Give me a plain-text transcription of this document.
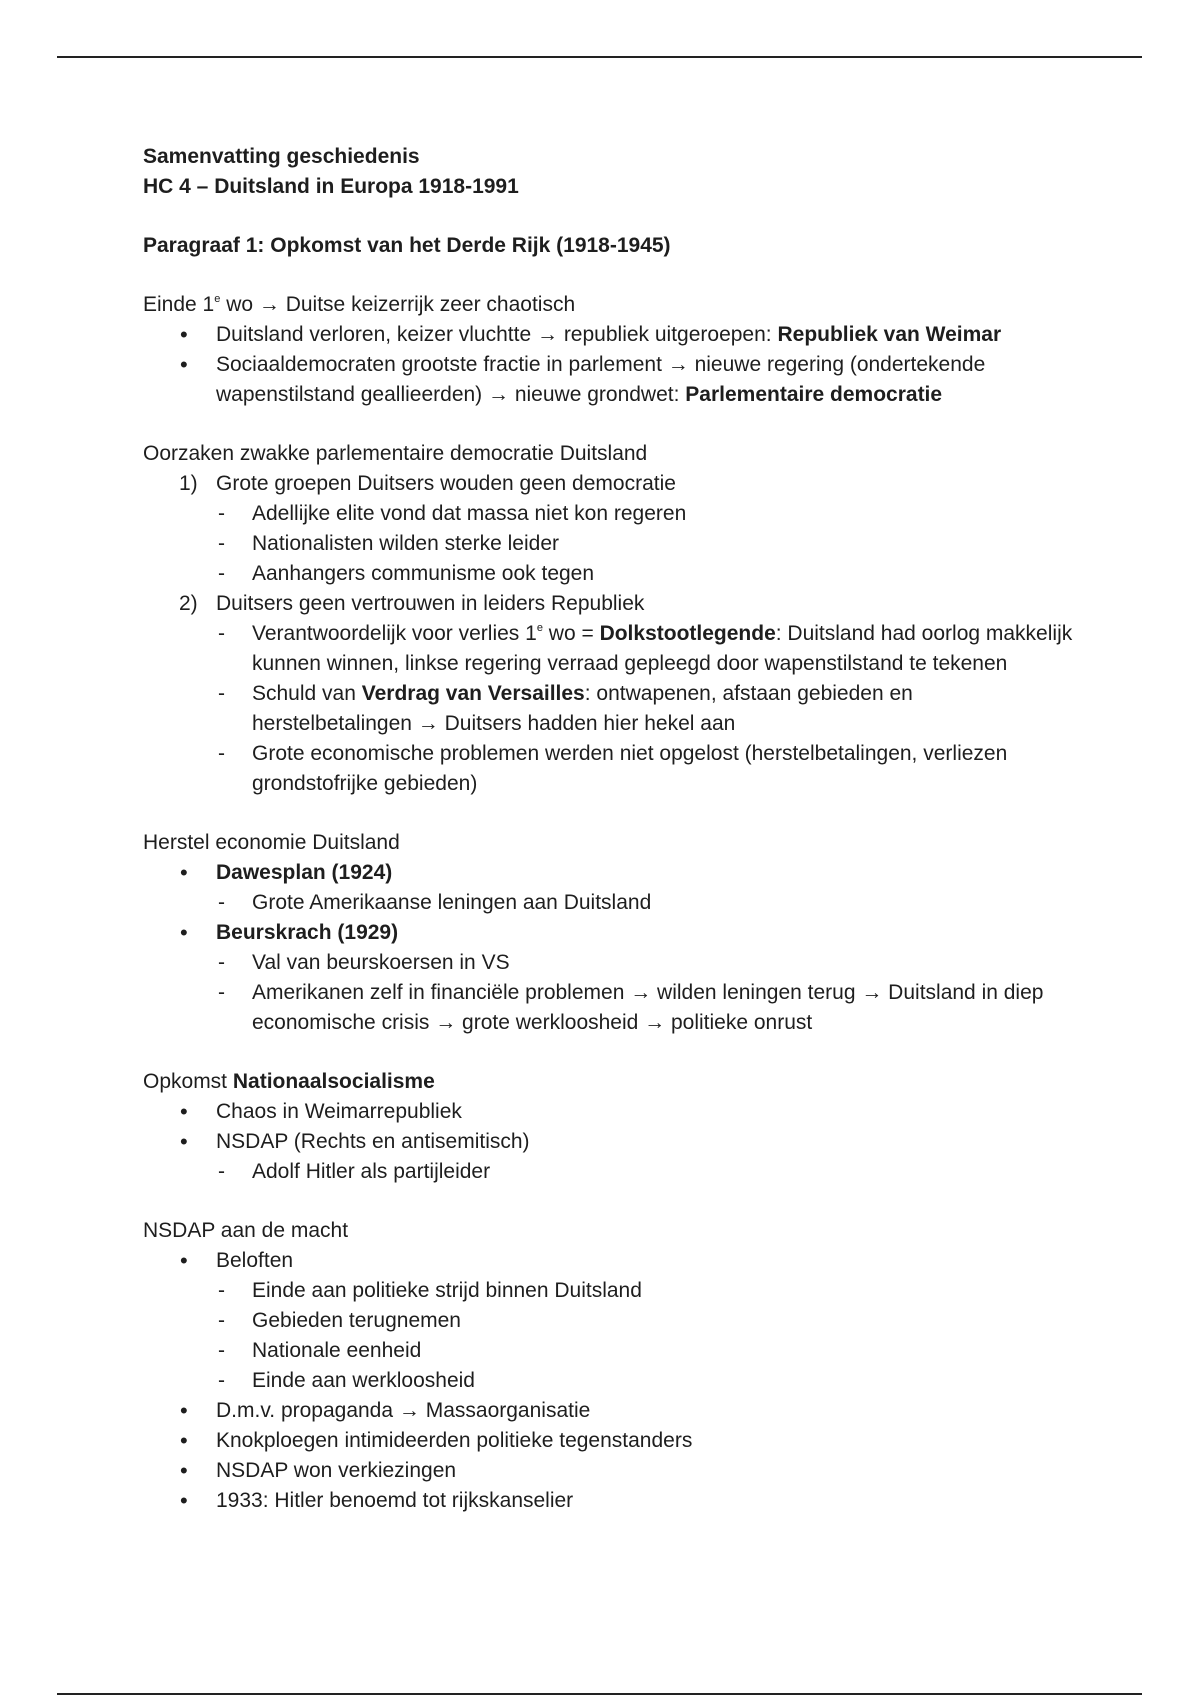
Samenvatting geschiedenis

HC 4 – Duitsland in Europa 1918-1991

Paragraaf 1: Opkomst van het Derde Rijk (1918-1945)

Einde 1e wo → Duitse keizerrijk zeer chaotisch

• Duitsland verloren, keizer vluchtte → republiek uitgeroepen: Republiek van Weimar
• Sociaaldemocraten grootste fractie in parlement → nieuwe regering (ondertekende wapenstilstand geallieerden) → nieuwe grondwet: Parlementaire democratie

Oorzaken zwakke parlementaire democratie Duitsland

1) Grote groepen Duitsers wouden geen democratie
- Adellijke elite vond dat massa niet kon regeren
- Nationalisten wilden sterke leider
- Aanhangers communisme ook tegen
2) Duitsers geen vertrouwen in leiders Republiek
- Verantwoordelijk voor verlies 1e wo = Dolkstootlegende: Duitsland had oorlog makkelijk kunnen winnen, linkse regering verraad gepleegd door wapenstilstand te tekenen
- Schuld van Verdrag van Versailles: ontwapenen, afstaan gebieden en herstelbetalingen → Duitsers hadden hier hekel aan
- Grote economische problemen werden niet opgelost (herstelbetalingen, verliezen grondstofrijke gebieden)

Herstel economie Duitsland

• Dawesplan (1924)
- Grote Amerikaanse leningen aan Duitsland
• Beurskrach (1929)
- Val van beurskoersen in VS
- Amerikanen zelf in financiële problemen → wilden leningen terug → Duitsland in diep economische crisis → grote werkloosheid → politieke onrust

Opkomst Nationaalsocialisme

• Chaos in Weimarrepubliek
• NSDAP (Rechts en antisemitisch)
- Adolf Hitler als partijleider

NSDAP aan de macht

• Beloften
- Einde aan politieke strijd binnen Duitsland
- Gebieden terugnemen
- Nationale eenheid
- Einde aan werkloosheid
• D.m.v. propaganda → Massaorganisatie
• Knokploegen intimideerden politieke tegenstanders
• NSDAP won verkiezingen
• 1933: Hitler benoemd tot rijkskanselier
